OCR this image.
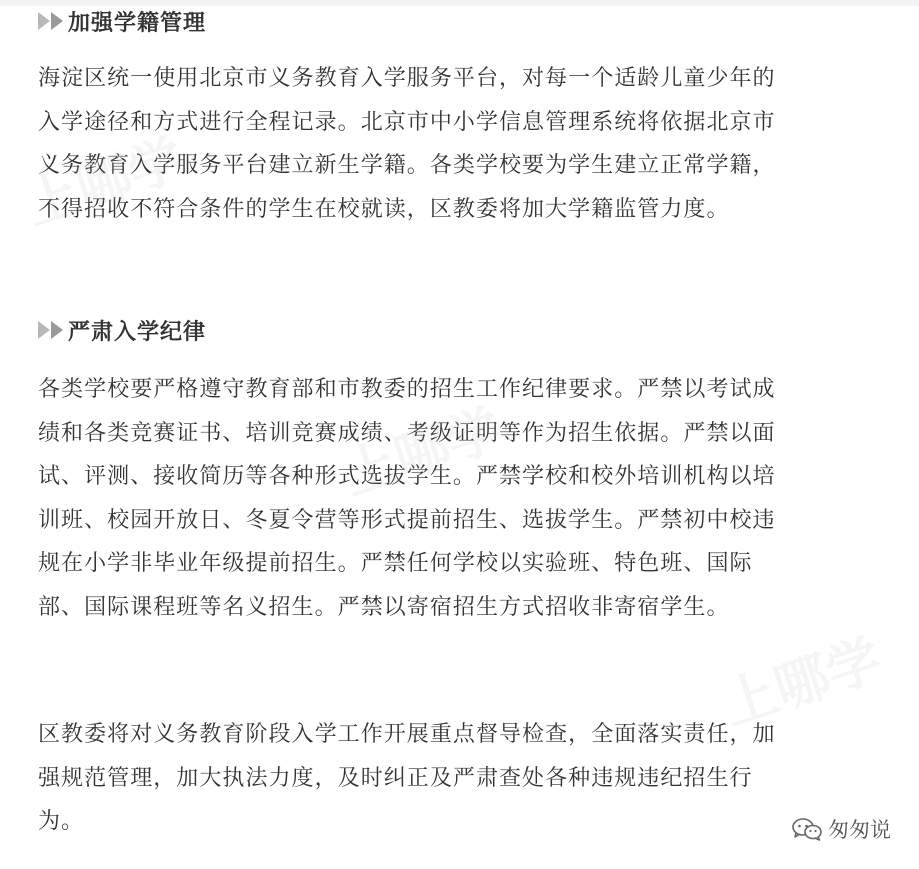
加强学籍管理

海淀区统一使用北京市义务教育入学服务平台，对每一个适龄儿童少年的
入学途径和方式进行全程记录。北京市中小学信息管理系统将依据北京市
义务教育入学服务平台建立新生学籍。各类学校要为学生建立正常学籍，
不得招收不符合条件的学生在校就读，区教委将加大学籍监管力度。

严肃入学纪律

各类学校要严格遵守教育部和市教委的招生工作纪律要求。严禁以考试成
绩和各类竞赛证书、培训竞赛成绩、考级证明等作为招生依据。严禁以面
试、评测、接收简历等各种形式选拔学生。严禁学校和校外培训机构以培
训班、校园开放日、冬夏令营等形式提前招生、选拔学生。严禁初中校违
规在小学非毕业年级提前招生。严禁任何学校以实验班、特色班、国际
部、国际课程班等名义招生。严禁以寄宿招生方式招收非寄宿学生。

区教委将对义务教育阶段入学工作开展重点督导检查，全面落实责任，加
强规范管理，加大执法力度，及时纠正及严肃查处各种违规违纪招生行
为。

上哪学
上哪学
上哪学
匆匆说
